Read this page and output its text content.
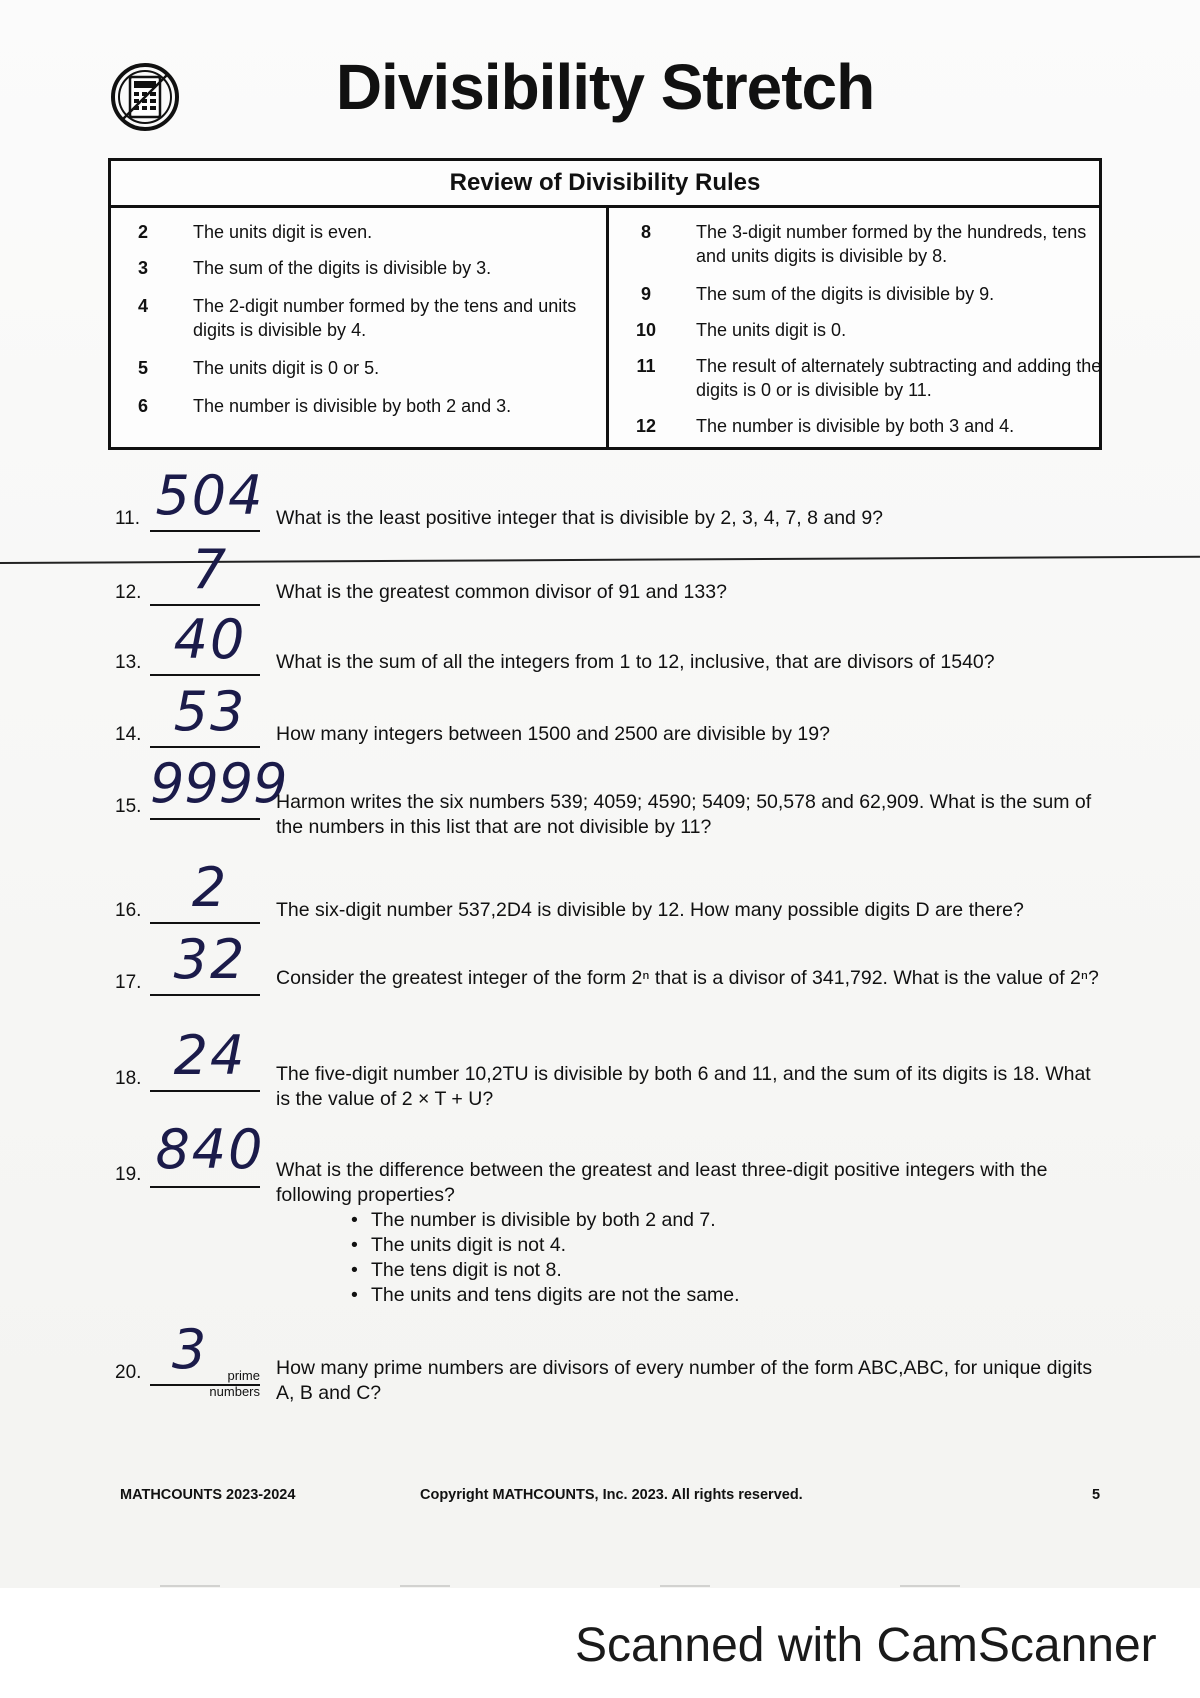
Divisibility Stretch
Review of Divisibility Rules
2	The units digit is even.
3	The sum of the digits is divisible by 3.
4	The 2-digit number formed by the tens and units digits is divisible by 4.
5	The units digit is 0 or 5.
6	The number is divisible by both 2 and 3.
8	The 3-digit number formed by the hundreds, tens and units digits is divisible by 8.
9	The sum of the digits is divisible by 9.
10	The units digit is 0.
11	The result of alternately subtracting and adding the digits is 0 or is divisible by 11.
12	The number is divisible by both 3 and 4.
11. 504 What is the least positive integer that is divisible by 2, 3, 4, 7, 8 and 9?
12. 7	What is the greatest common divisor of 91 and 133?
13. 40	What is the sum of all the integers from 1 to 12, inclusive, that are divisors of 1540?
14. 53	How many integers between 1500 and 2500 are divisible by 19?
15. 9999
Harmon writes the six numbers 539; 4059; 4590; 5409; 50,578 and 62,909. What is the sum of the numbers in this list that are not divisible by 11?
16. 2	The six-digit number 537,2D4 is divisible by 12. How many possible digits D are there?
17. 32	Consider the greatest integer of the form 2ⁿ that is a divisor of 341,792. What is the value of 2ⁿ?
18. 24	The five-digit number 10,2TU is divisible by both 6 and 11, and the sum of its digits is 18. What is the value of 2 × T + U?
19. 840 What is the difference between the greatest and least three-digit positive integers with the following properties?
• The number is divisible by both 2 and 7.
• The units digit is not 4.
• The tens digit is not 8.
• The units and tens digits are not the same.
20. 3	prime numbers
How many prime numbers are divisors of every number of the form ABC,ABC, for unique digits A, B and C?
MATHCOUNTS 2023-2024	Copyright MATHCOUNTS, Inc. 2023. All rights reserved.	5
Scanned with CamScanner
